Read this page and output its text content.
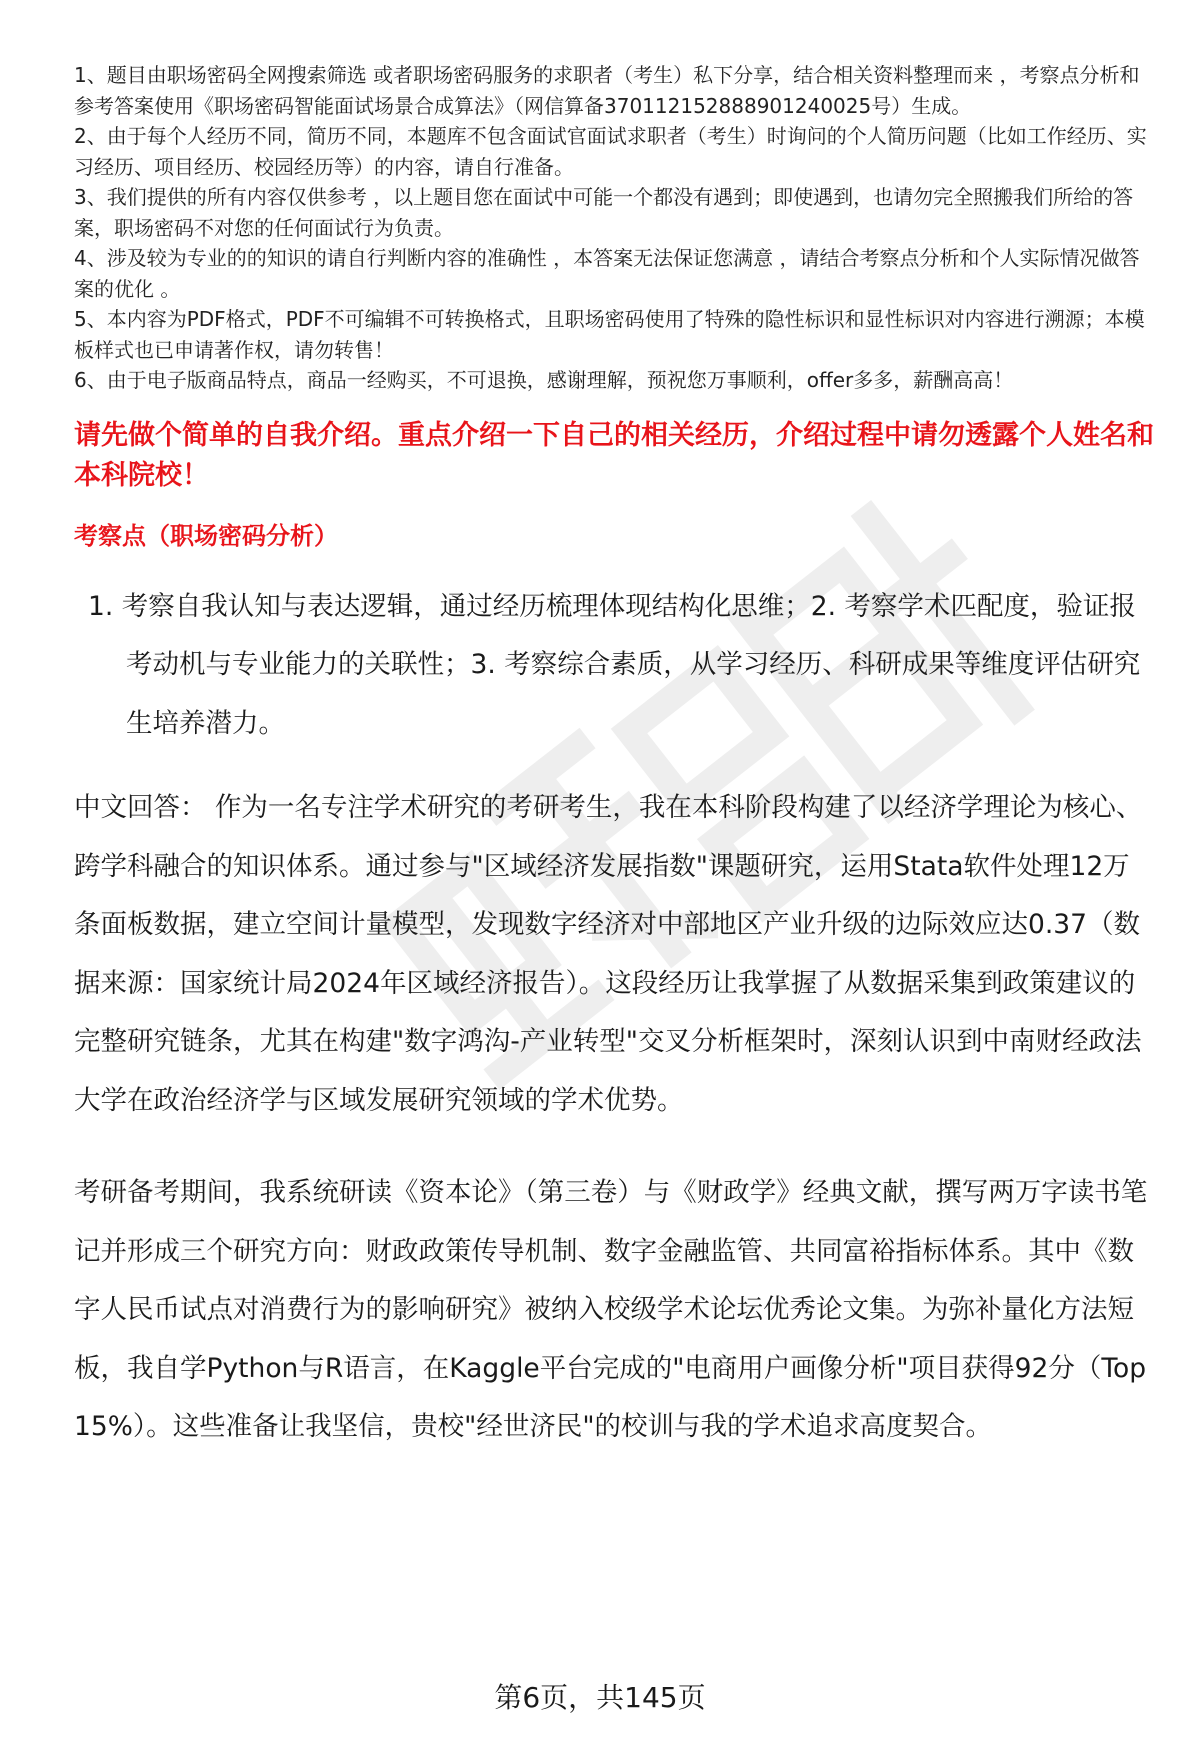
1、题目由职场密码全网搜索筛选 或者职场密码服务的求职者（考生）私下分享，结合相关资料整理而来 ，考察点分析和参考答案使用《职场密码智能面试场景合成算法》（网信算备370112152888901240025号）生成。

2、由于每个人经历不同，简历不同，本题库不包含面试官面试求职者（考生）时询问的个人简历问题（比如工作经历、实习经历、项目经历、校园经历等）的内容，请自行准备。

3、我们提供的所有内容仅供参考 ，以上题目您在面试中可能一个都没有遇到；即使遇到，也请勿完全照搬我们所给的答案，职场密码不对您的任何面试行为负责。

4、涉及较为专业的的知识的请自行判断内容的准确性 ，本答案无法保证您满意 ，请结合考察点分析和个人实际情况做答案的优化 。

5、本内容为PDF格式，PDF不可编辑不可转换格式，且职场密码使用了特殊的隐性标识和显性标识对内容进行溯源；本模板样式也已申请著作权，请勿转售！

6、由于电子版商品特点，商品一经购买，不可退换，感谢理解，预祝您万事顺利，offer多多，薪酬高高！

请先做个简单的自我介绍。重点介绍一下自己的相关经历，介绍过程中请勿透露个人姓名和本科院校！
考察点（职场密码分析）
1. 考察自我认知与表达逻辑，通过经历梳理体现结构化思维；2. 考察学术匹配度，验证报考动机与专业能力的关联性；3. 考察综合素质，从学习经历、科研成果等维度评估研究生培养潜力。
中文回答： 作为一名专注学术研究的考研考生，我在本科阶段构建了以经济学理论为核心、跨学科融合的知识体系。通过参与"区域经济发展指数"课题研究，运用Stata软件处理12万条面板数据，建立空间计量模型，发现数字经济对中部地区产业升级的边际效应达0.37（数据来源：国家统计局2024年区域经济报告）。这段经历让我掌握了从数据采集到政策建议的完整研究链条，尤其在构建"数字鸿沟-产业转型"交叉分析框架时，深刻认识到中南财经政法大学在政治经济学与区域发展研究领域的学术优势。
考研备考期间，我系统研读《资本论》（第三卷）与《财政学》经典文献，撰写两万字读书笔记并形成三个研究方向：财政政策传导机制、数字金融监管、共同富裕指标体系。其中《数字人民币试点对消费行为的影响研究》被纳入校级学术论坛优秀论文集。为弥补量化方法短板，我自学Python与R语言，在Kaggle平台完成的"电商用户画像分析"项目获得92分（Top 15%）。这些准备让我坚信，贵校"经世济民"的校训与我的学术追求高度契合。
第6页，共145页
